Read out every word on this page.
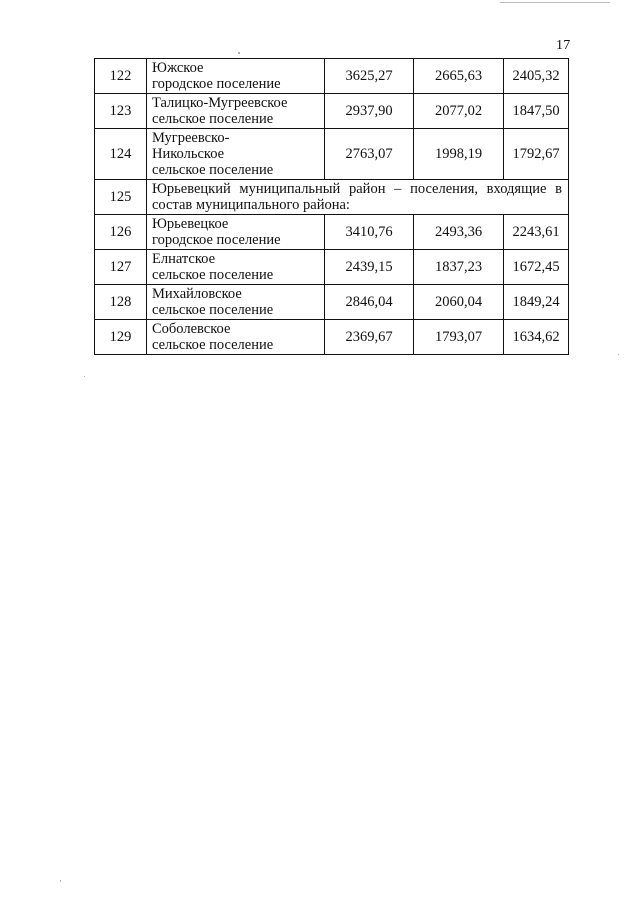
17
122	Южское
городское поселение	3625,27	2665,63	2405,32
123	Талицко-Мугреевское
сельское поселение	2937,90	2077,02	1847,50
124	Мугреевско-
Никольское
сельское поселение	2763,07	1998,19	1792,67
125	Юрьевецкий муниципальный район – поселения, входящие в
состав муниципального района:			

126	Юрьевецкое
городское поселение	3410,76	2493,36	2243,61
127	Елнатское
сельское поселение	2439,15	1837,23	1672,45
128	Михайловское
сельское поселение	2846,04	2060,04	1849,24
129	Соболевское
сельское поселение	2369,67	1793,07	1634,62
